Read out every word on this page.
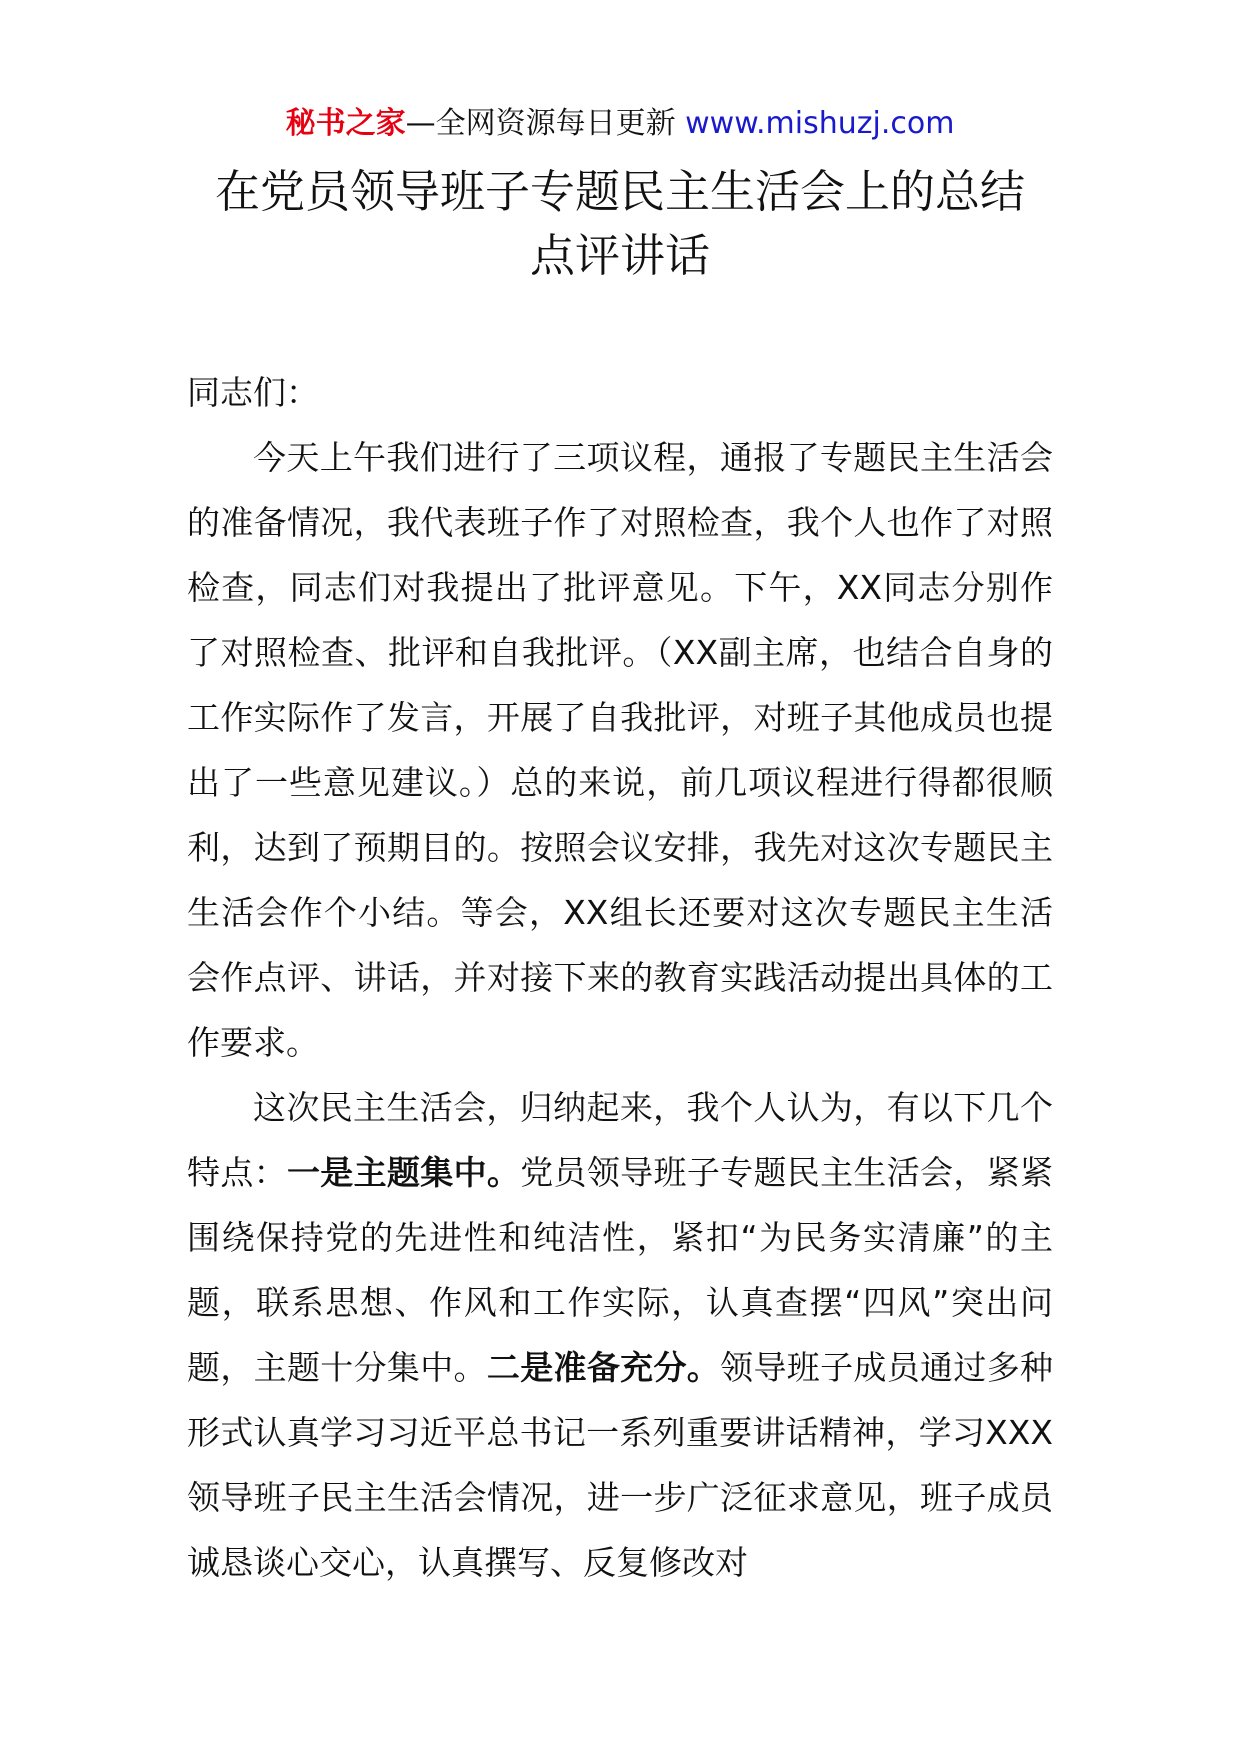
秘书之家—全网资源每日更新 www.mishuzj.com
在党员领导班子专题民主生活会上的总结
点评讲话

同志们：

今天上午我们进行了三项议程，通报了专题民主生活会的准备情况，我代表班子作了对照检查，我个人也作了对照检查，同志们对我提出了批评意见。下午，XX同志分别作了对照检查、批评和自我批评。（XX副主席，也结合自身的工作实际作了发言，开展了自我批评，对班子其他成员也提出了一些意见建议。）总的来说，前几项议程进行得都很顺利，达到了预期目的。按照会议安排，我先对这次专题民主生活会作个小结。等会，XX组长还要对这次专题民主生活会作点评、讲话，并对接下来的教育实践活动提出具体的工作要求。

这次民主生活会，归纳起来，我个人认为，有以下几个特点：一是主题集中。党员领导班子专题民主生活会，紧紧围绕保持党的先进性和纯洁性，紧扣“为民务实清廉”的主题，联系思想、作风和工作实际，认真查摆“四风”突出问题，主题十分集中。二是准备充分。领导班子成员通过多种形式认真学习习近平总书记一系列重要讲话精神，学习XXX领导班子民主生活会情况，进一步广泛征求意见，班子成员诚恳谈心交心，认真撰写、反复修改对
